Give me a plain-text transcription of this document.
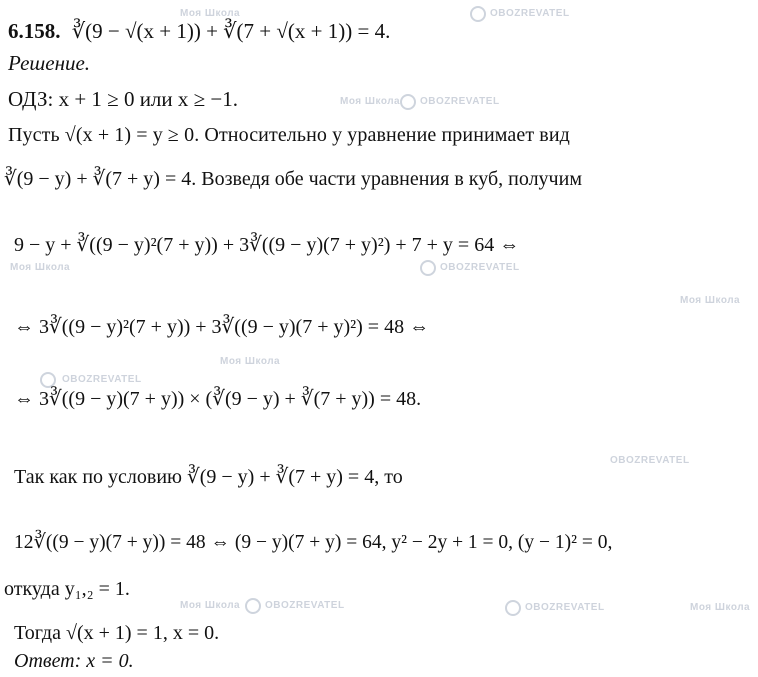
Моя Школа	OBOZREVATEL
Моя Школа OBOZREVATEL
Моя Школа	OBOZREVATEL
Моя Школа
Моя Школа
OBOZREVATEL
OBOZREVATEL
Моя Школа OBOZREVATEL	Моя Школа
OBOZREVATEL
6.158. ∛(9 − √(x + 1)) + ∛(7 + √(x + 1)) = 4.
Решение.
ОДЗ: x + 1 ≥ 0 или x ≥ −1.
Пусть √(x + 1) = y ≥ 0. Относительно y уравнение принимает вид
∛(9 − y) + ∛(7 + y) = 4. Возведя обе части уравнения в куб, получим
9 − y + ∛((9 − y)²(7 + y)) + 3∛((9 − y)(7 + y)²) + 7 + y = 64 ⇔
⇔ 3∛((9 − y)²(7 + y)) + 3∛((9 − y)(7 + y)²) = 48 ⇔
⇔ 3∛((9 − y)(7 + y)) × (∛(9 − y) + ∛(7 + y)) = 48.
Так как по условию ∛(9 − y) + ∛(7 + y) = 4, то
12∛((9 − y)(7 + y)) = 48 ⇔ (9 − y)(7 + y) = 64, y² − 2y + 1 = 0, (y − 1)² = 0,
откуда y₁,₂ = 1.
Тогда √(x + 1) = 1, x = 0.
Ответ: x = 0.
